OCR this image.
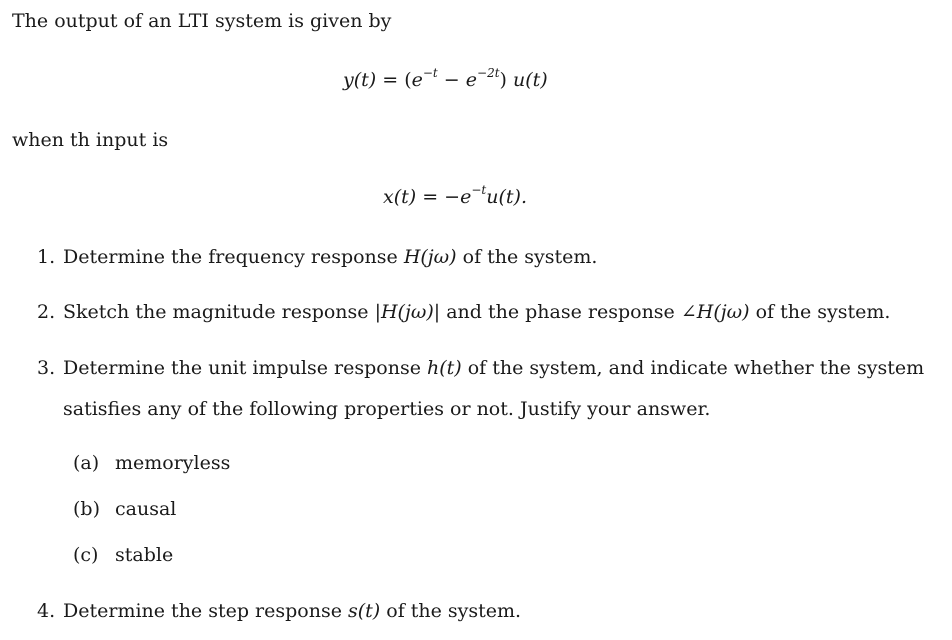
The output of an LTI system is given by
$y(t) = (e^{-t} - e^{-2t})$ u(t)
when th input is
$x(t) = -e^{-t}u(t)$.
1. Determine the frequency response H(jω) of the system.
2. Sketch the magnitude response |H(jω)| and the phase response ∠H(jω) of the system.
3. Determine the unit impulse response h(t) of the system, and indicate whether the system
satisfies any of the following properties or not. Justify your answer.
(a) memoryless
(b) causal
(c) stable
4. Determine the step response s(t) of the system.
